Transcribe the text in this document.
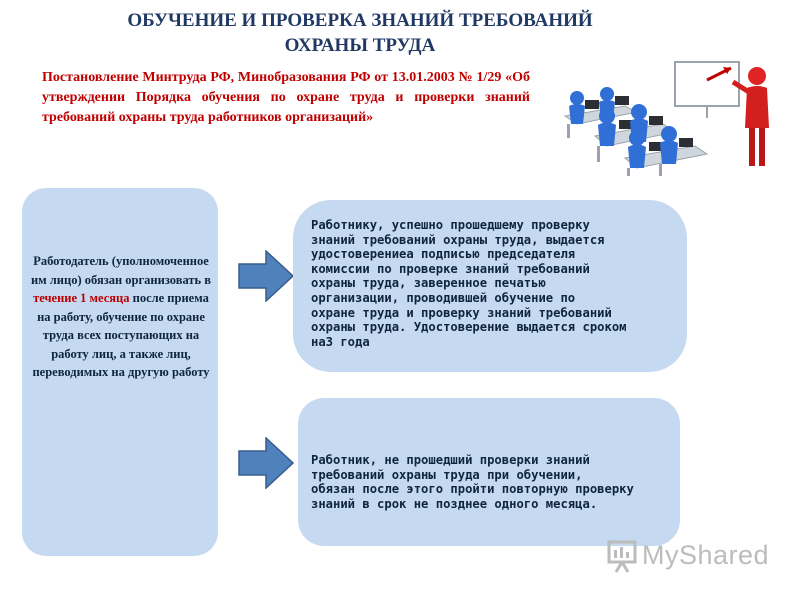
ОБУЧЕНИЕ И ПРОВЕРКА ЗНАНИЙ ТРЕБОВАНИЙ
ОХРАНЫ ТРУДА
Постановление Минтруда РФ, Минобразования РФ от 13.01.2003 № 1/29 «Об утверждении Порядка обучения по охране труда и проверки знаний требований охраны труда работников организаций»
Работодатель (уполномоченное им лицо) обязан организовать в течение 1 месяца после приема на работу, обучение по охране труда всех поступающих на работу лиц, а также лиц, переводимых на другую работу
Работнику, успешно прошедшему проверку
знаний требований охраны труда, выдается
удостоверениеа подписью председателя
комиссии по проверке знаний требований
охраны труда, заверенное печатью
организации, проводившей обучение по
охране труда и проверку знаний требований
охраны труда. Удостоверение выдается сроком
на3 года
Работник, не прошедший проверки знаний
требований охраны труда при обучении,
обязан после этого пройти повторную проверку
знаний в срок не позднее одного месяца.
MyShared
